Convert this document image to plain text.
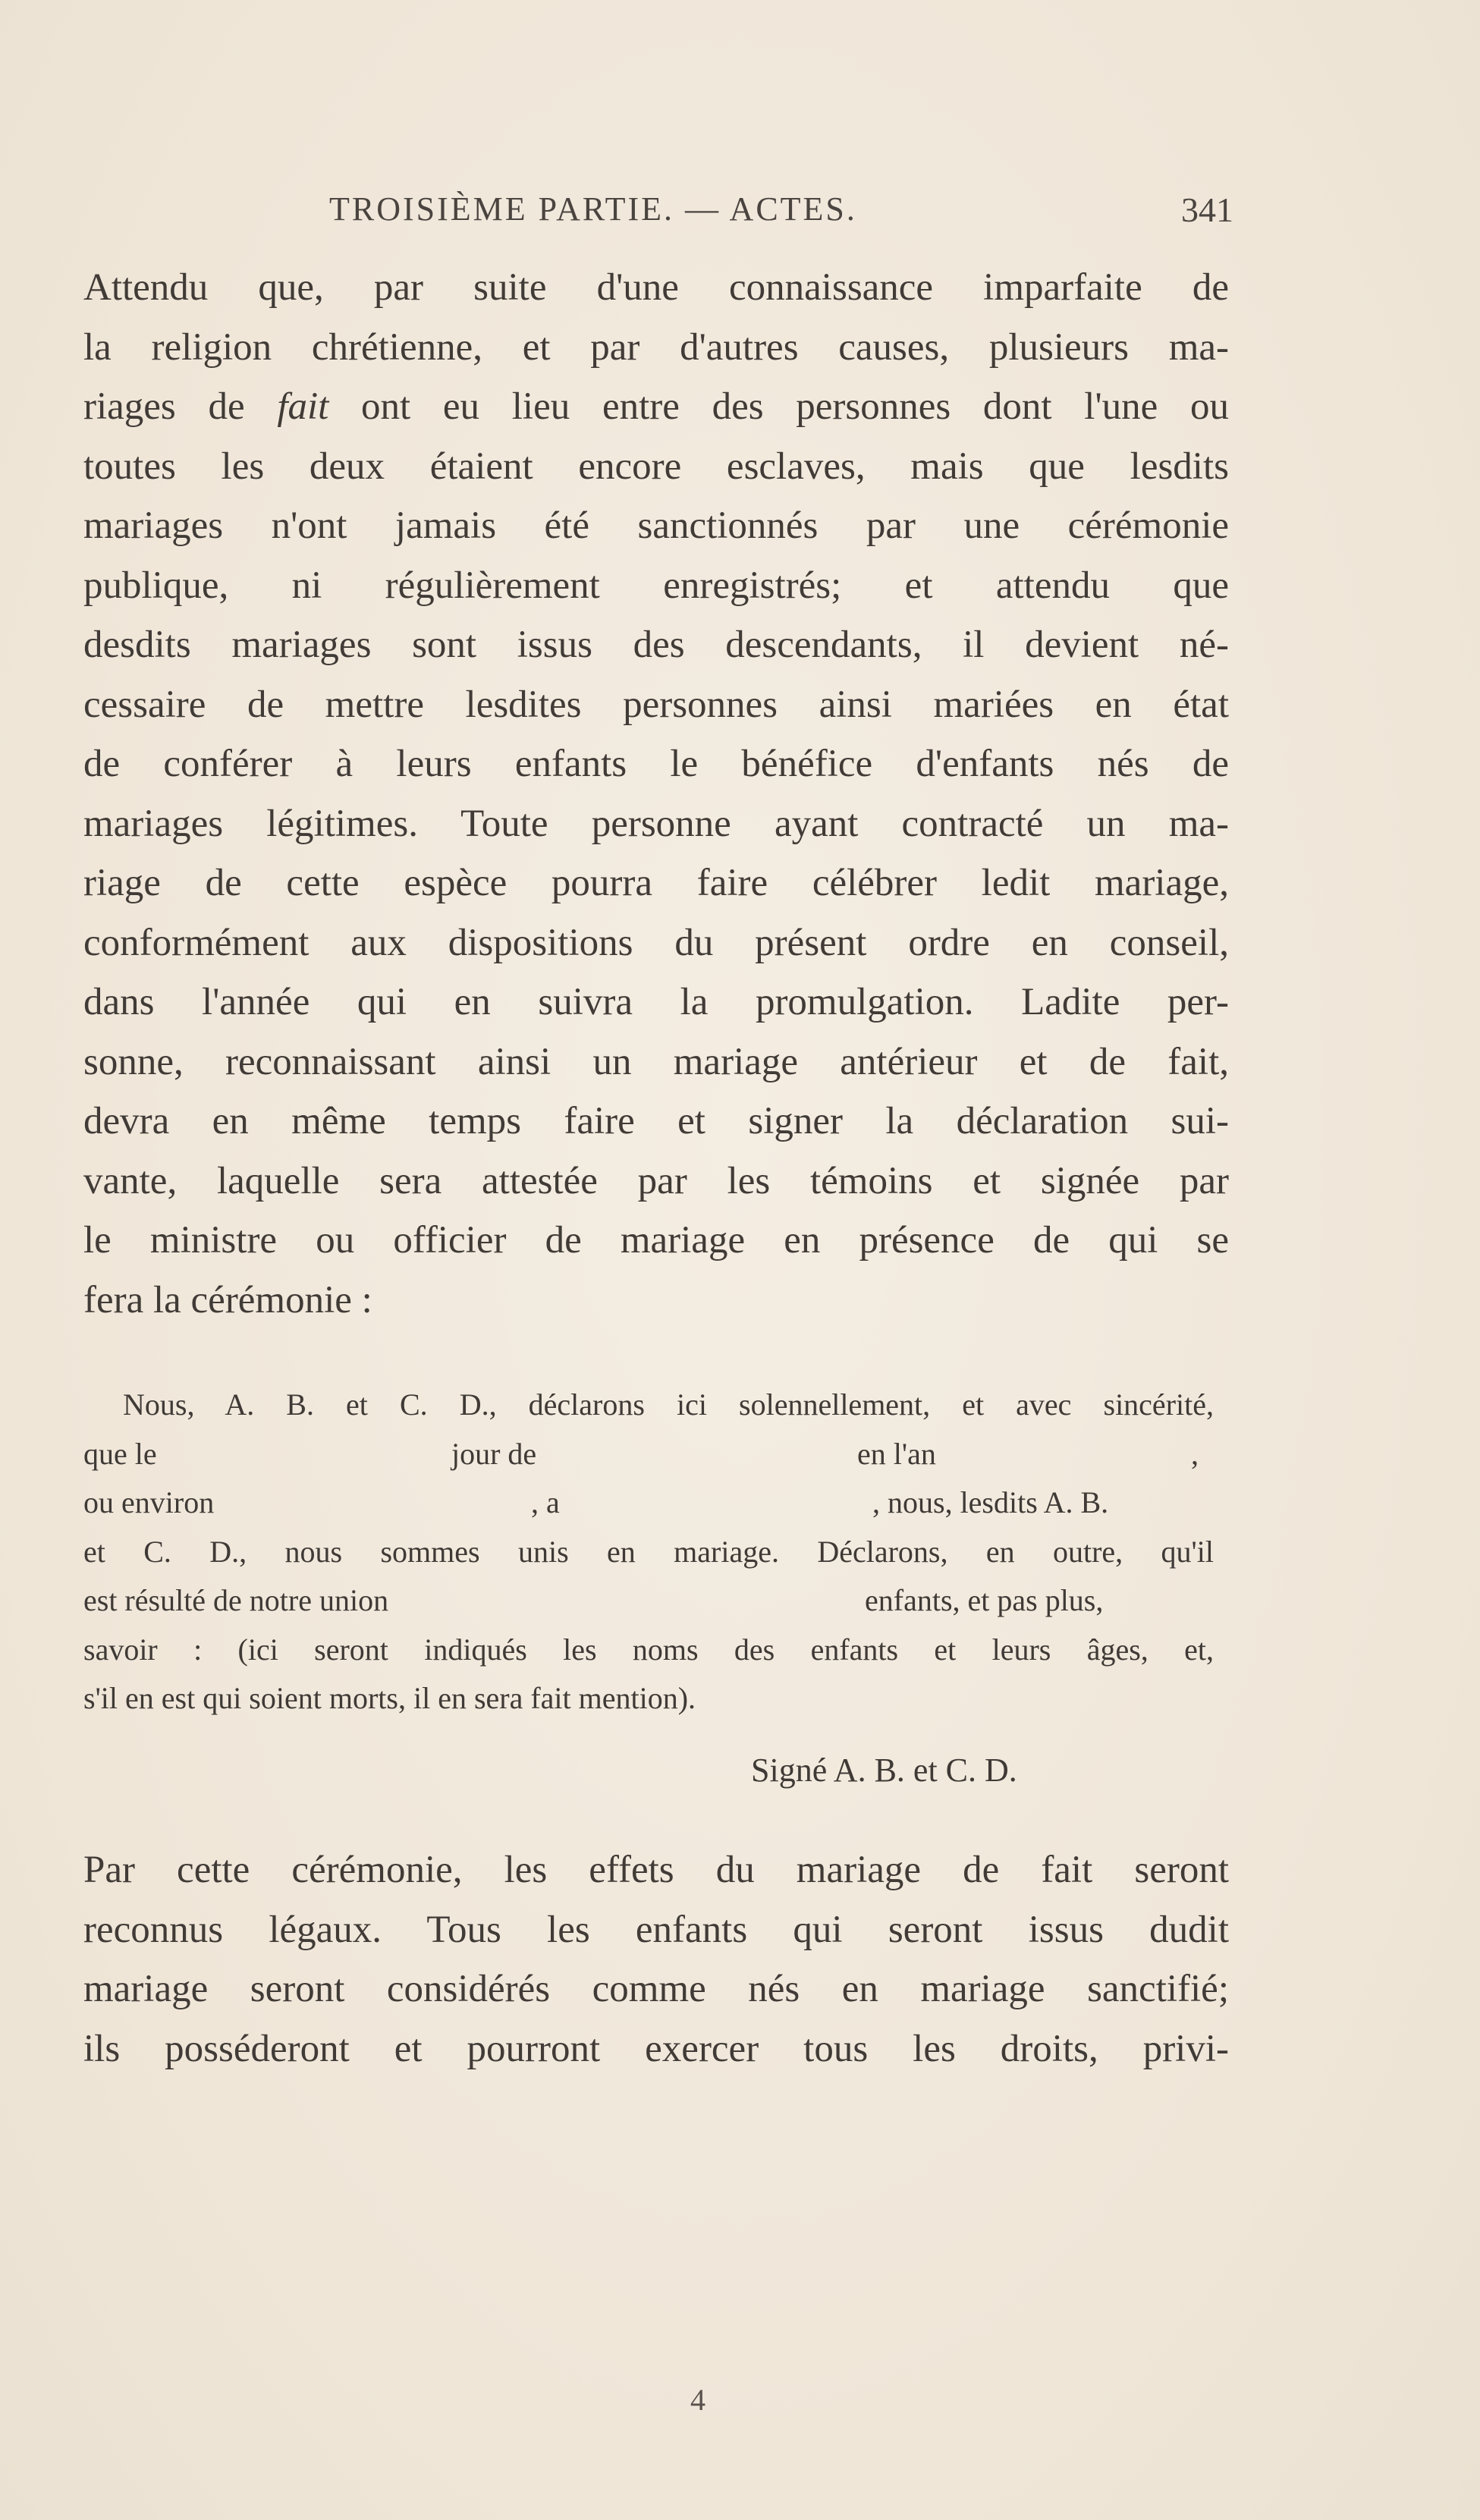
TROISIÈME PARTIE. — ACTES.	341
Attendu que, par suite d'une connaissance imparfaite de
la religion chrétienne, et par d'autres causes, plusieurs ma-
riages de fait ont eu lieu entre des personnes dont l'une ou
toutes les deux étaient encore esclaves, mais que lesdits
mariages n'ont jamais été sanctionnés par une cérémonie
publique, ni régulièrement enregistrés; et attendu que
desdits mariages sont issus des descendants, il devient né-
cessaire de mettre lesdites personnes ainsi mariées en état
de conférer à leurs enfants le bénéfice d'enfants nés de
mariages légitimes. Toute personne ayant contracté un ma-
riage de cette espèce pourra faire célébrer ledit mariage,
conformément aux dispositions du présent ordre en conseil,
dans l'année qui en suivra la promulgation. Ladite per-
sonne, reconnaissant ainsi un mariage antérieur et de fait,
devra en même temps faire et signer la déclaration sui-
vante, laquelle sera attestée par les témoins et signée par
le ministre ou officier de mariage en présence de qui se
fera la cérémonie :
Nous, A. B. et C. D., déclarons ici solennellement, et avec sincérité,
que le	jour de	en l'an	,
ou environ	, a	, nous, lesdits A. B.
et C. D., nous sommes unis en mariage. Déclarons, en outre, qu'il
est résulté de notre union	enfants, et pas plus,
savoir : (ici seront indiqués les noms des enfants et leurs âges, et,
s'il en est qui soient morts, il en sera fait mention).
Signé A. B. et C. D.
Par cette cérémonie, les effets du mariage de fait seront
reconnus légaux. Tous les enfants qui seront issus dudit
mariage seront considérés comme nés en mariage sanctifié;
ils posséderont et pourront exercer tous les droits, privi-
4
